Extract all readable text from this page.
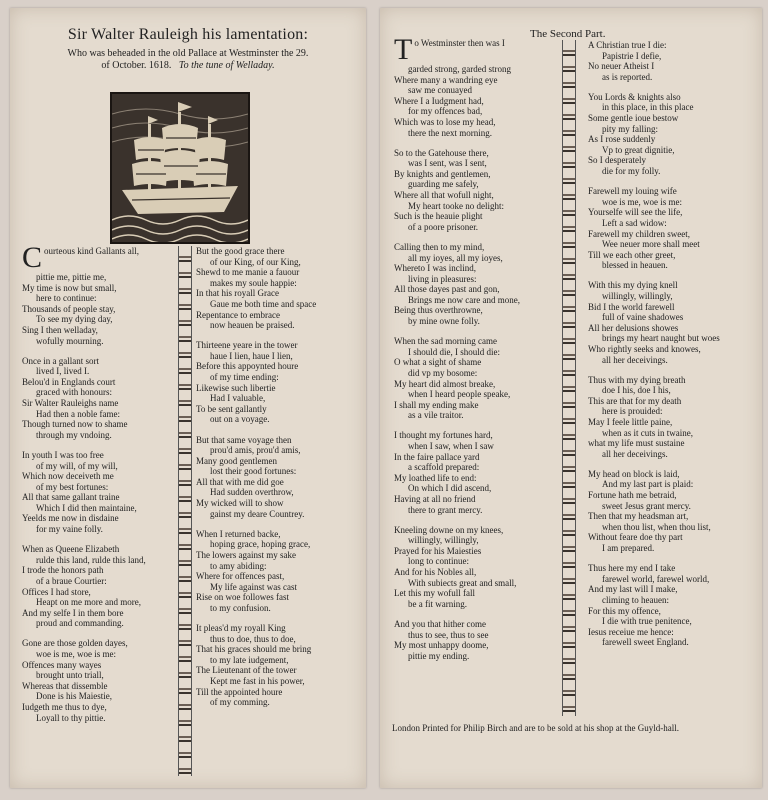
Sir Walter Rauleigh his lamentation:
Who was beheaded in the old Pallace at Westminster the 29.
of October. 1618. To the tune of Welladay.
Courteous kind Gallants all,
pittie me, pittie me,
My time is now but small,
here to continue:
Thousands of people stay,
To see my dying day,
Sing I then welladay,
wofully mourning.
Once in a gallant sort
lived I, lived I.
Belou'd in Englands court
graced with honours:
Sir Walter Rauleighs name
Had then a noble fame:
Though turned now to shame
through my vndoing.
In youth I was too free
of my will, of my will,
Which now deceiveth me
of my best fortunes:
All that same gallant traine
Which I did then maintaine,
Yeelds me now in disdaine
for my vaine folly.
When as Queene Elizabeth
rulde this land, rulde this land,
I trode the honors path
of a braue Courtier:
Offices I had store,
Heapt on me more and more,
And my selfe I in them bore
proud and commanding.
Gone are those golden dayes,
woe is me, woe is me:
Offences many wayes
brought unto triall,
Whereas that dissemble
Done is his Maiestie,
Iudgeth me thus to dye,
Loyall to thy pittie.
But the good grace there
of our King, of our King,
Shewd to me manie a fauour
makes my soule happie:
In that his royall Grace
Gaue me both time and space
Repentance to embrace
now heauen be praised.
Thirteene yeare in the tower
haue I lien, haue I lien,
Before this appoynted houre
of my time ending:
Likewise such libertie
Had I valuable,
To be sent gallantly
out on a voyage.
But that same voyage then
prou'd amis, prou'd amis,
Many good gentlemen
lost their good fortunes:
All that with me did goe
Had sudden overthrow,
My wicked will to show
gainst my deare Countrey.
When I returned backe,
hoping grace, hoping grace,
The lowers against my sake
to amy abiding:
Where for offences past,
My life against was cast
Rise on woe followes fast
to my confusion.
It pleas'd my royall King
thus to doe, thus to doe,
That his graces should me bring
to my late iudgement,
The Lieutenant of the tower
Kept me fast in his power,
Till the appointed houre
of my comming.
The Second Part.
To Westminster then was I
garded strong, garded strong
Where many a wandring eye
saw me conuayed
Where I a Iudgment had,
for my offences bad,
Which was to lose my head,
there the next morning.
So to the Gatehouse there,
was I sent, was I sent,
By knights and gentlemen,
guarding me safely,
Where all that wofull night,
My heart tooke no delight:
Such is the heauie plight
of a poore prisoner.
Calling then to my mind,
all my ioyes, all my ioyes,
Whereto I was inclind,
living in pleasures:
All those dayes past and gon,
Brings me now care and mone,
Being thus overthrowne,
by mine owne folly.
When the sad morning came
I should die, I should die:
O what a sight of shame
did vp my bosome:
My heart did almost breake,
when I heard people speake,
I shall my ending make
as a vile traitor.
I thought my fortunes hard,
when I saw, when I saw
In the faire pallace yard
a scaffold prepared:
My loathed life to end:
On which I did ascend,
Having at all no friend
there to grant mercy.
Kneeling downe on my knees,
willingly, willingly,
Prayed for his Maiesties
long to continue:
And for his Nobles all,
With subiects great and small,
Let this my wofull fall
be a fit warning.
And you that hither come
thus to see, thus to see
My most unhappy doome,
pittie my ending.
A Christian true I die:
Papistrie I defie,
No neuer Atheist I
as is reported.
You Lords & knights also
in this place, in this place
Some gentle ioue bestow
pity my falling:
As I rose suddenly
Vp to great dignitie,
So I desperately
die for my folly.
Farewell my louing wife
woe is me, woe is me:
Yourselfe will see the life,
Left a sad widow:
Farewell my children sweet,
Wee neuer more shall meet
Till we each other greet,
blessed in heauen.
With this my dying knell
willingly, willingly,
Bid I the world farewell
full of vaine shadowes
All her delusions showes
brings my heart naught but woes
Who rightly seeks and knowes,
all her deceivings.
Thus with my dying breath
doe I his, doe I his,
This are that for my death
here is prouided:
May I feele little paine,
when as it cuts in twaine,
what my life must sustaine
all her deceivings.
My head on block is laid,
And my last part is plaid:
Fortune hath me betraid,
sweet Jesus grant mercy.
Then that my headsman art,
when thou list, when thou list,
Without feare doe thy part
I am prepared.
Thus here my end I take
farewel world, farewel world,
And my last will I make,
climing to heauen:
For this my offence,
I die with true penitence,
Iesus receiue me hence:
farewell sweet England.
London Printed for Philip Birch and are to be sold at his shop at the Guyld-hall.
